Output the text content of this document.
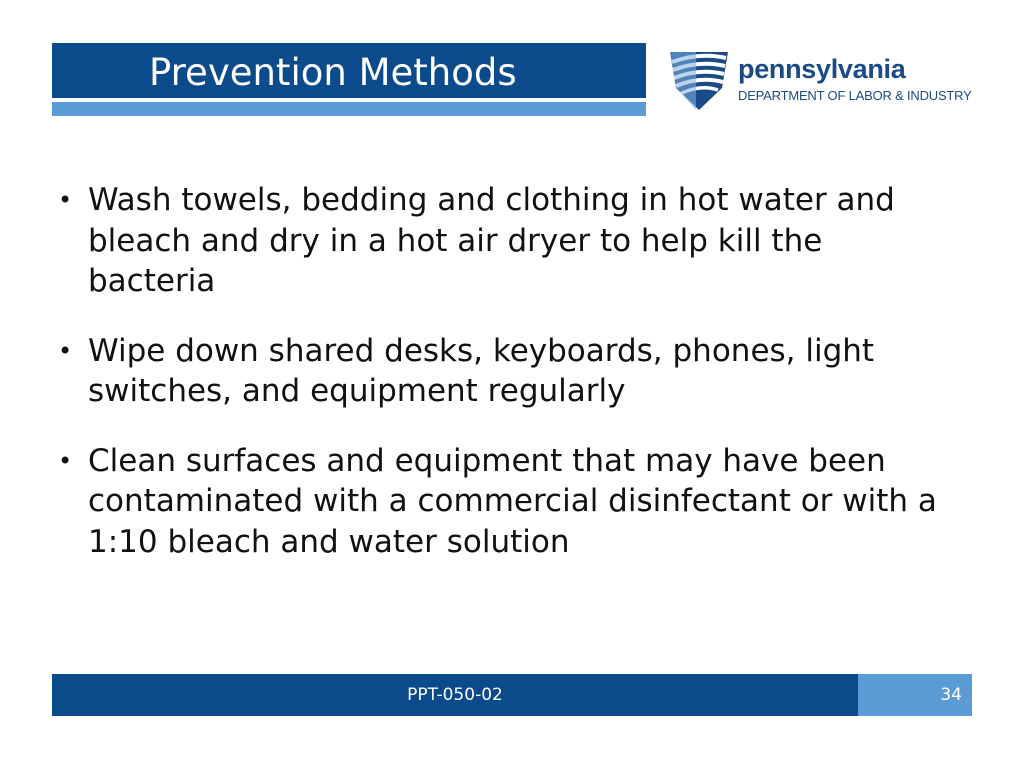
Prevention Methods	pennsylvania
DEPARTMENT OF LABOR & INDUSTRY
• Wash towels, bedding and clothing in hot water and bleach and dry in a hot air dryer to help kill the bacteria
• Wipe down shared desks, keyboards, phones, light switches, and equipment regularly
• Clean surfaces and equipment that may have been contaminated with a commercial disinfectant or with a 1:10 bleach and water solution
PPT-050-02	34
